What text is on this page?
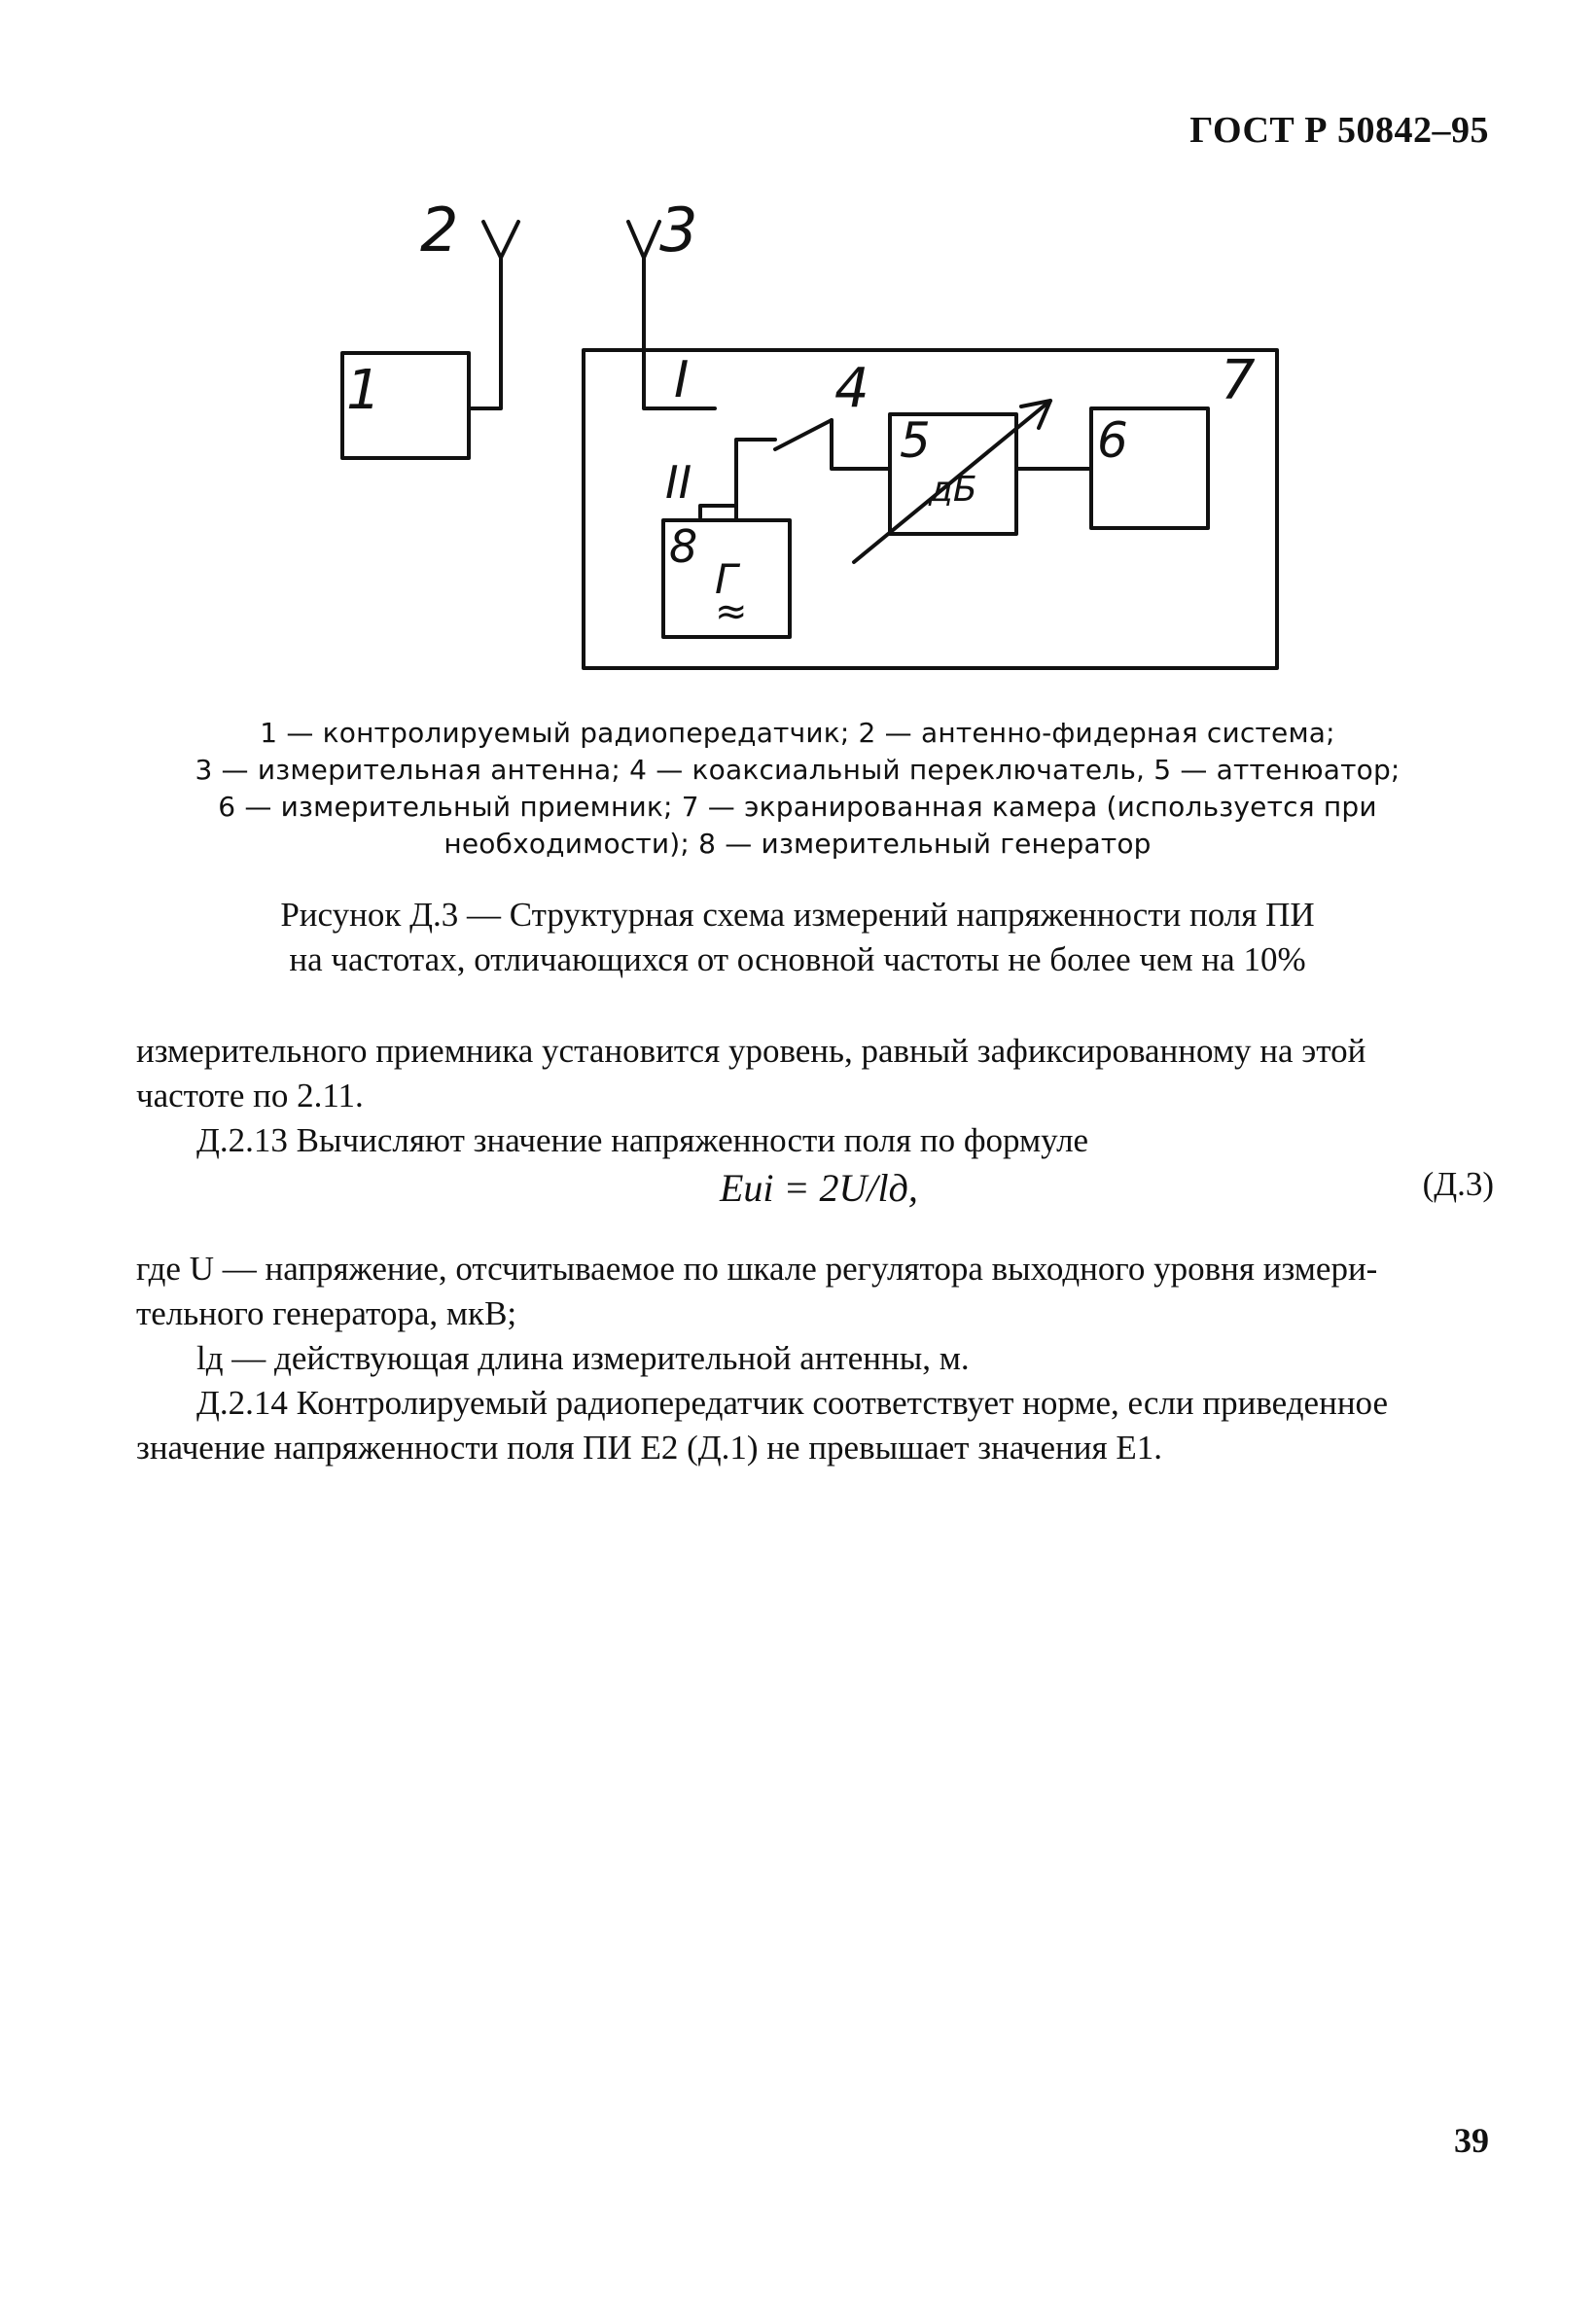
ГОСТ Р 50842–95
2	3
1	I	4	7
5
дБ
6
II
8
Г
≈
1 — контролируемый радиопередатчик; 2 — антенно-фидерная система;
3 — измерительная антенна; 4 — коаксиальный переключатель, 5 — аттенюатор;
6 — измерительный приемник; 7 — экранированная камера (используется при
необходимости); 8 — измерительный генератор
Рисунок Д.3 — Структурная схема измерений напряженности поля ПИ
на частотах, отличающихся от основной частоты не более чем на 10%
измерительного приемника установится уровень, равный зафиксированному на этой
частоте по 2.11.
Д.2.13 Вычисляют значение напряженности поля по формуле
Eиi = 2U/lд,	(Д.3)
где U — напряжение, отсчитываемое по шкале регулятора выходного уровня измери-
тельного генератора, мкВ;
lд — действующая длина измерительной антенны, м.
Д.2.14 Контролируемый радиопередатчик соответствует норме, если приведенное
значение напряженности поля ПИ E2 (Д.1) не превышает значения E1.
39
